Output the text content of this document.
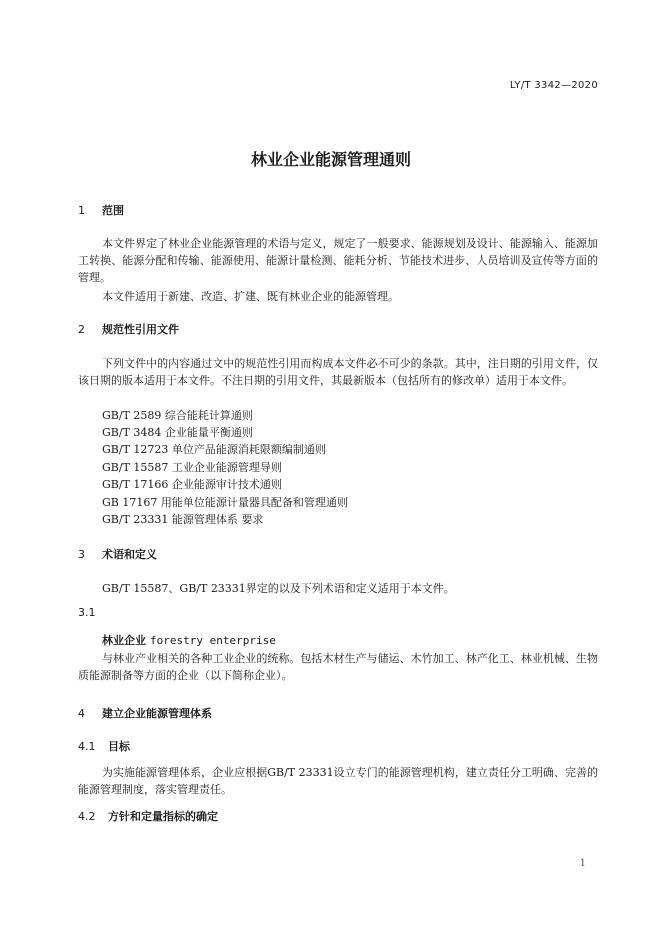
LY/T 3342—2020
林业企业能源管理通则
1 范围
本文件界定了林业企业能源管理的术语与定义，规定了一般要求、能源规划及设计、能源输入、能源加工转换、能源分配和传输、能源使用、能源计量检测、能耗分析、节能技术进步、人员培训及宣传等方面的管理。
本文件适用于新建、改造、扩建、既有林业企业的能源管理。
2 规范性引用文件
下列文件中的内容通过文中的规范性引用而构成本文件必不可少的条款。其中，注日期的引用文件，仅该日期的版本适用于本文件。不注日期的引用文件，其最新版本（包括所有的修改单）适用于本文件。
GB/T 2589 综合能耗计算通则
GB/T 3484 企业能量平衡通则
GB/T 12723 单位产品能源消耗限额编制通则
GB/T 15587 工业企业能源管理导则
GB/T 17166 企业能源审计技术通则
GB 17167 用能单位能源计量器具配备和管理通则
GB/T 23331 能源管理体系 要求
3 术语和定义
GB/T 15587、GB/T 23331界定的以及下列术语和定义适用于本文件。
3.1
林业企业 forestry enterprise
与林业产业相关的各种工业企业的统称。包括木材生产与储运、木竹加工、林产化工、林业机械、生物质能源制备等方面的企业（以下简称企业）。
4 建立企业能源管理体系
4.1 目标
为实施能源管理体系，企业应根据GB/T 23331设立专门的能源管理机构，建立责任分工明确、完善的能源管理制度，落实管理责任。
4.2 方针和定量指标的确定
1
